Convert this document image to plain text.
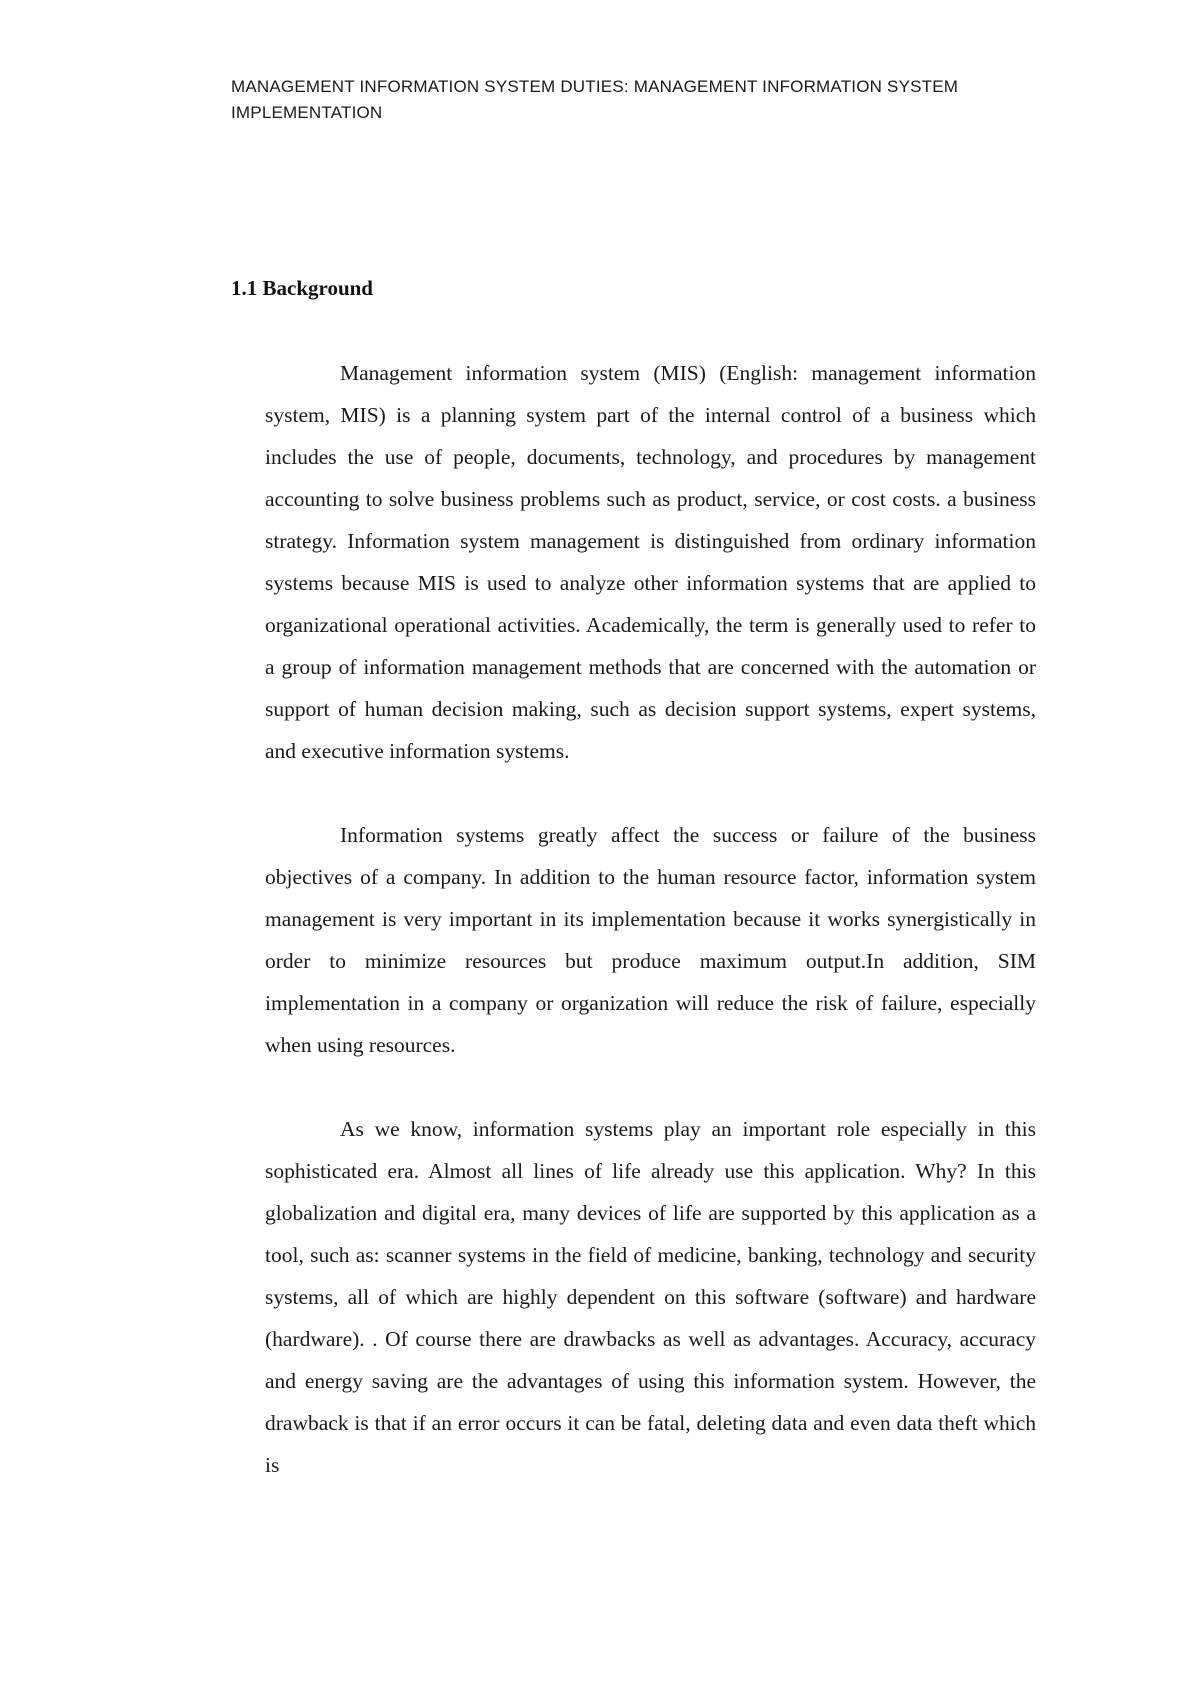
MANAGEMENT INFORMATION SYSTEM DUTIES: MANAGEMENT INFORMATION SYSTEM IMPLEMENTATION
1.1 Background

Management information system (MIS) (English: management information system, MIS) is a planning system part of the internal control of a business which includes the use of people, documents, technology, and procedures by management accounting to solve business problems such as product, service, or cost costs. a business strategy. Information system management is distinguished from ordinary information systems because MIS is used to analyze other information systems that are applied to organizational operational activities. Academically, the term is generally used to refer to a group of information management methods that are concerned with the automation or support of human decision making, such as decision support systems, expert systems, and executive information systems.

Information systems greatly affect the success or failure of the business objectives of a company. In addition to the human resource factor, information system management is very important in its implementation because it works synergistically in order to minimize resources but produce maximum output.In addition, SIM implementation in a company or organization will reduce the risk of failure, especially when using resources.

As we know, information systems play an important role especially in this sophisticated era. Almost all lines of life already use this application. Why? In this globalization and digital era, many devices of life are supported by this application as a tool, such as: scanner systems in the field of medicine, banking, technology and security systems, all of which are highly dependent on this software (software) and hardware (hardware). . Of course there are drawbacks as well as advantages. Accuracy, accuracy and energy saving are the advantages of using this information system. However, the drawback is that if an error occurs it can be fatal, deleting data and even data theft which is
